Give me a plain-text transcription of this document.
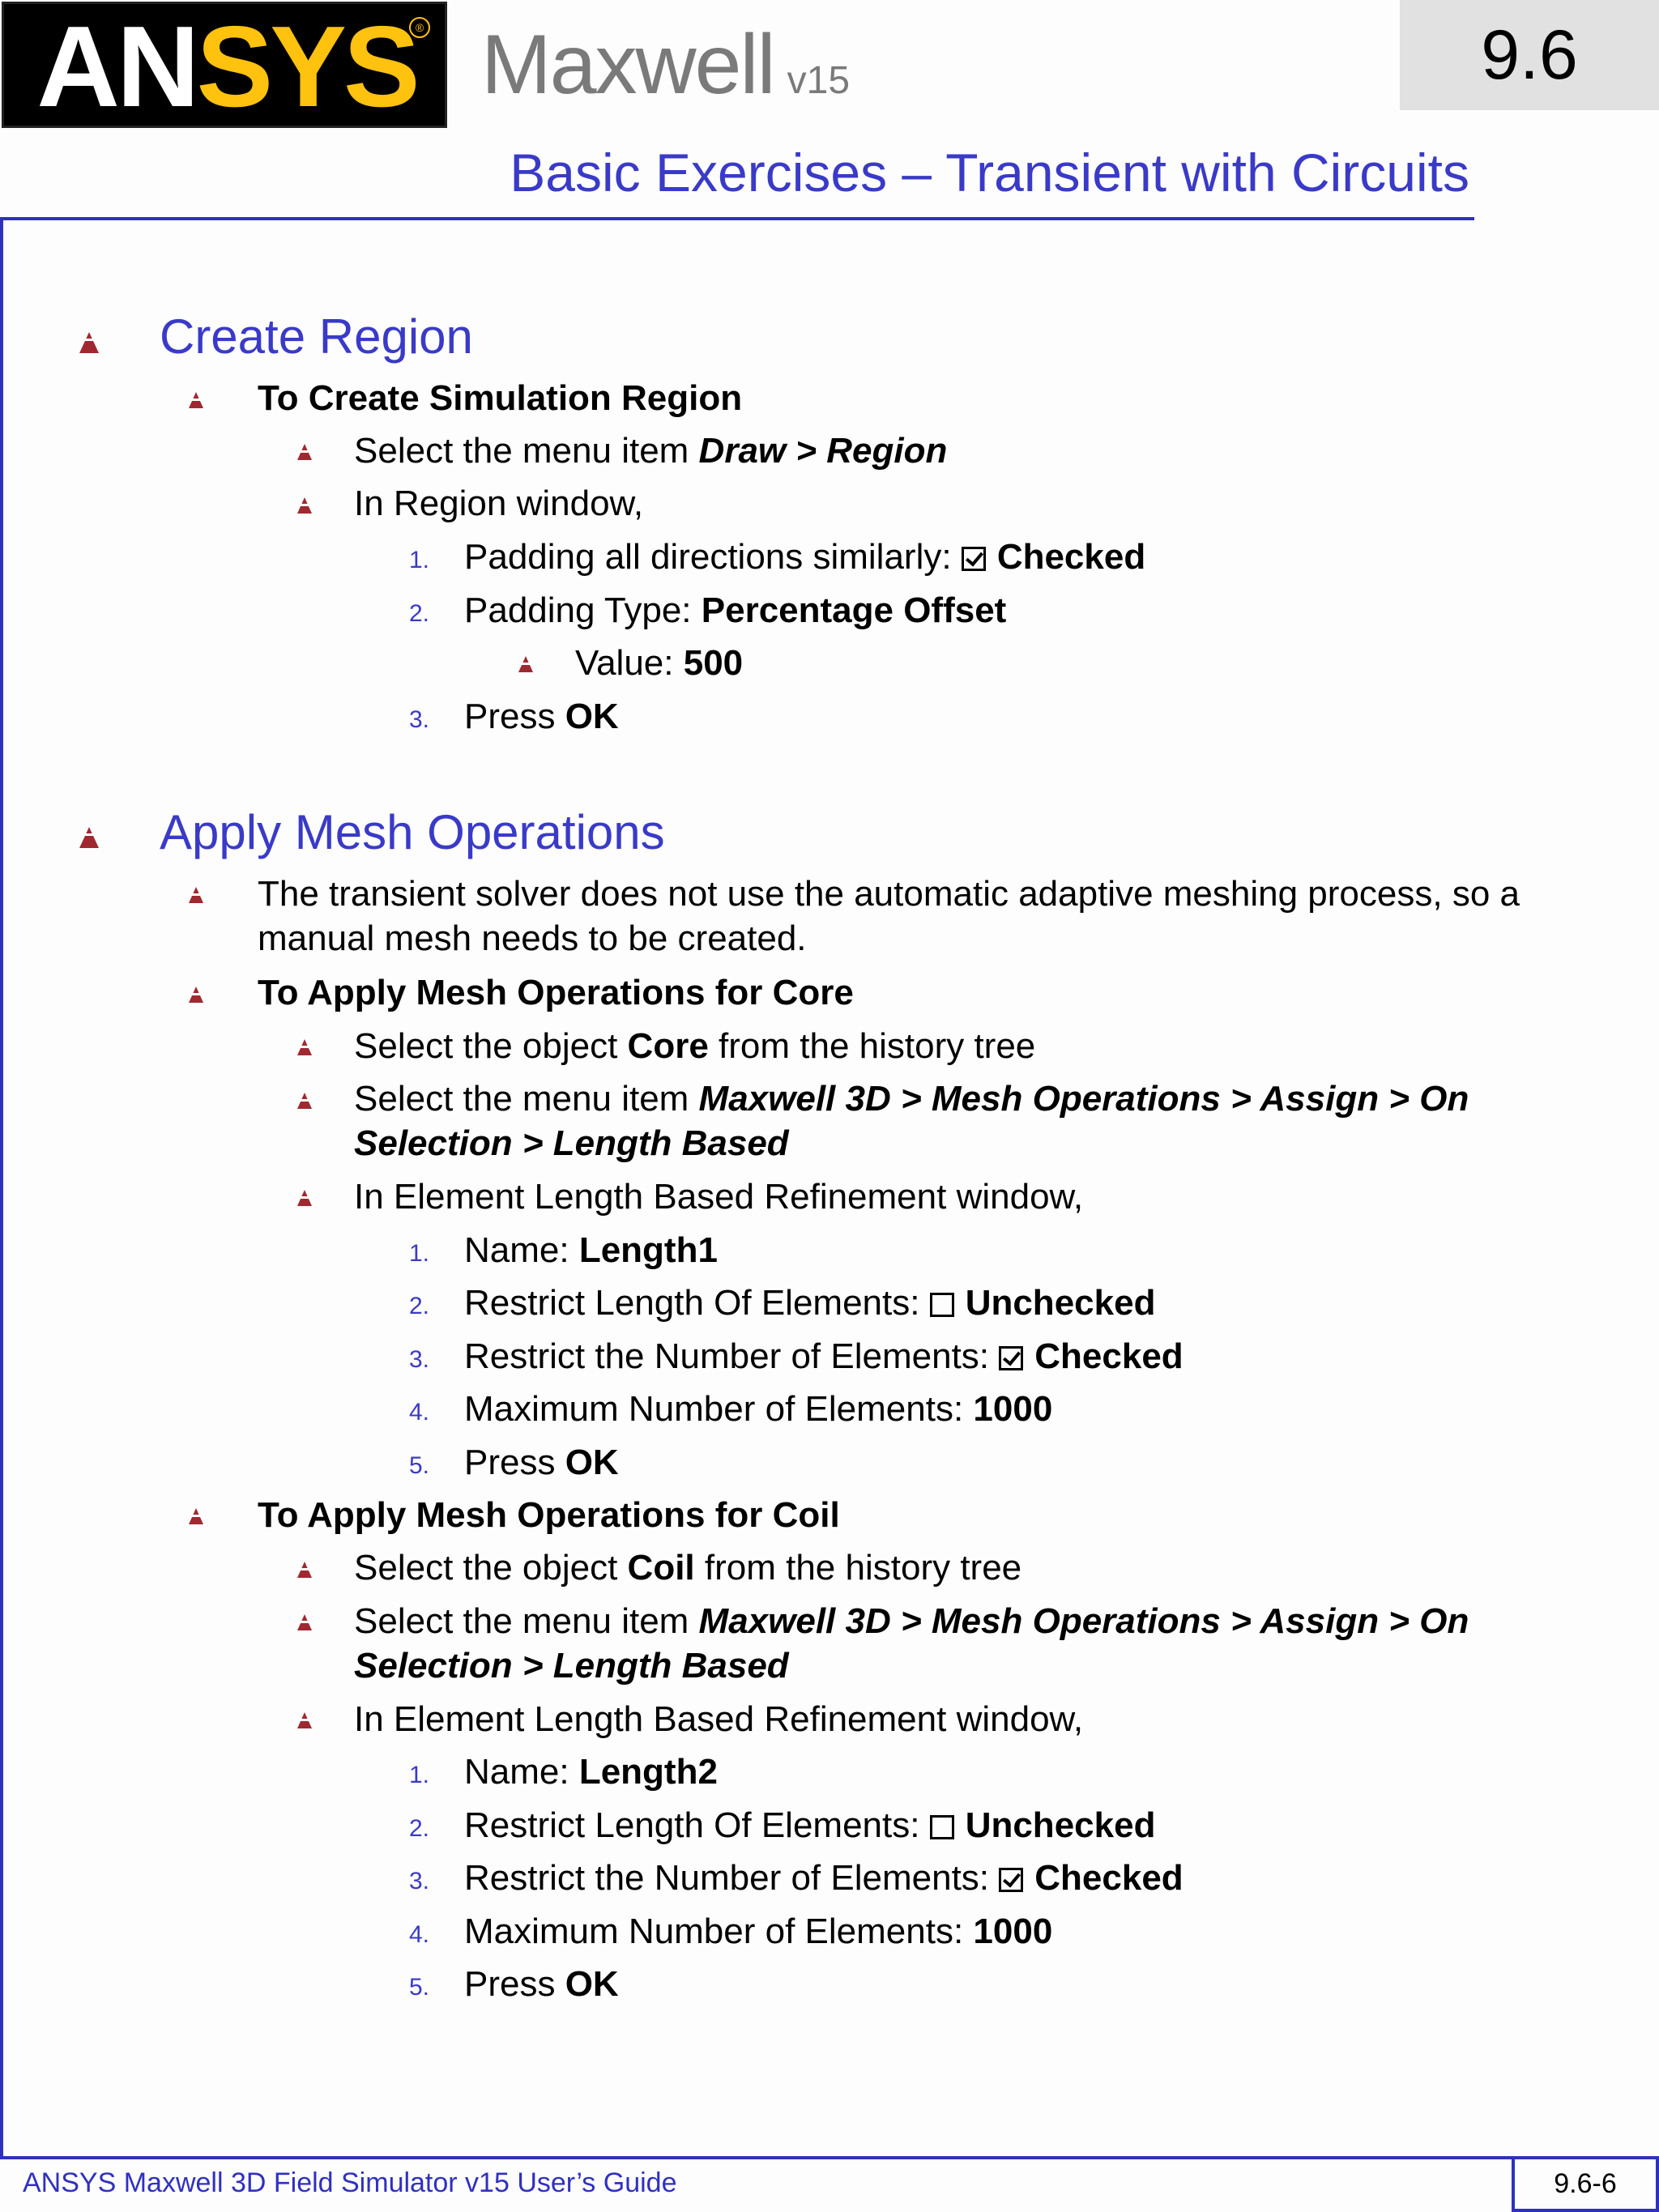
ANSYS
® Maxwell v15	9.6
Basic Exercises – Transient with Circuits
Create Region
To Create Simulation Region
Select the menu item Draw > Region
In Region window,
1. Padding all directions similarly: Checked
2. Padding Type: Percentage Offset
Value: 500
3. Press OK
Apply Mesh Operations
The transient solver does not use the automatic adaptive meshing process, so a
manual mesh needs to be created.
To Apply Mesh Operations for Core
Select the object Core from the history tree
Select the menu item Maxwell 3D > Mesh Operations > Assign > On
Selection > Length Based
In Element Length Based Refinement window,
1. Name: Length1
2. Restrict Length Of Elements: Unchecked
3. Restrict the Number of Elements: Checked
4. Maximum Number of Elements: 1000
5. Press OK
To Apply Mesh Operations for Coil
Select the object Coil from the history tree
Select the menu item Maxwell 3D > Mesh Operations > Assign > On
Selection > Length Based
In Element Length Based Refinement window,
1. Name: Length2
2. Restrict Length Of Elements: Unchecked
3. Restrict the Number of Elements: Checked
4. Maximum Number of Elements: 1000
5. Press OK
ANSYS Maxwell 3D Field Simulator v15 User’s Guide	9.6-6
